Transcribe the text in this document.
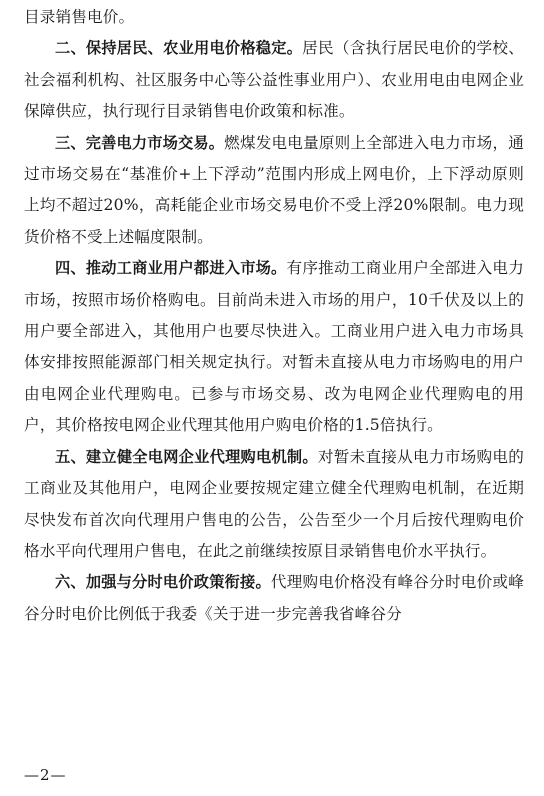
目录销售电价。

二、保持居民、农业用电价格稳定。居民（含执行居民电价的学校、社会福利机构、社区服务中心等公益性事业用户）、农业用电由电网企业保障供应，执行现行目录销售电价政策和标准。

三、完善电力市场交易。燃煤发电电量原则上全部进入电力市场，通过市场交易在“基准价+上下浮动”范围内形成上网电价，上下浮动原则上均不超过20%，高耗能企业市场交易电价不受上浮20%限制。电力现货价格不受上述幅度限制。

四、推动工商业用户都进入市场。有序推动工商业用户全部进入电力市场，按照市场价格购电。目前尚未进入市场的用户，10千伏及以上的用户要全部进入，其他用户也要尽快进入。工商业用户进入电力市场具体安排按照能源部门相关规定执行。对暂未直接从电力市场购电的用户由电网企业代理购电。已参与市场交易、改为电网企业代理购电的用户，其价格按电网企业代理其他用户购电价格的1.5倍执行。

五、建立健全电网企业代理购电机制。对暂未直接从电力市场购电的工商业及其他用户，电网企业要按规定建立健全代理购电机制，在近期尽快发布首次向代理用户售电的公告，公告至少一个月后按代理购电价格水平向代理用户售电，在此之前继续按原目录销售电价水平执行。

六、加强与分时电价政策衔接。代理购电价格没有峰谷分时电价或峰谷分时电价比例低于我委《关于进一步完善我省峰谷分

—2—
